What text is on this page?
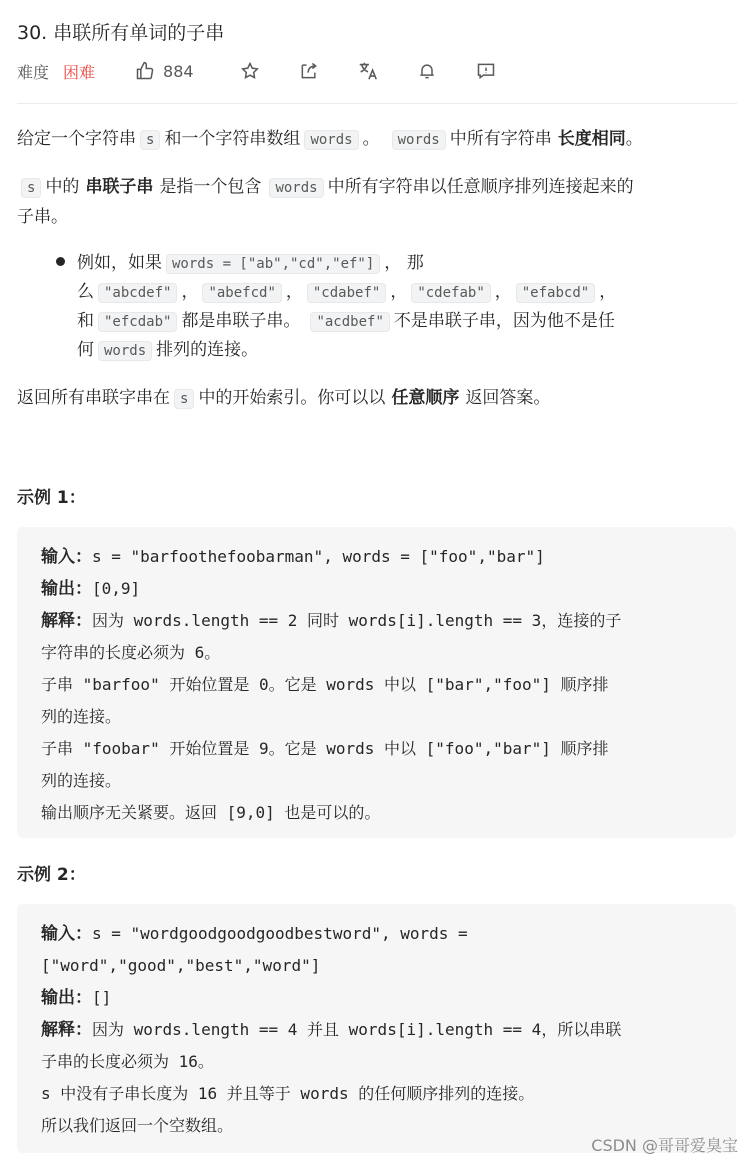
30. 串联所有单词的子串
难度 困难	884
给定一个字符串 s 和一个字符串数组 words 。 words 中所有字符串 长度相同。
s 中的 串联子串 是指一个包含 words 中所有字符串以任意顺序排列连接起来的
子串。
例如，如果 words = ["ab","cd","ef"] ， 那
么 "abcdef" ， "abefcd" ， "cdabef" ， "cdefab" ， "efabcd" ，
和 "efcdab" 都是串联子串。 "acdbef" 不是串联子串，因为他不是任
何 words 排列的连接。
返回所有串联字串在 s 中的开始索引。你可以以 任意顺序 返回答案。
示例 1：
输入：s = "barfoothefoobarman", words = ["foo","bar"]
输出：[0,9]
解释：因为 words.length == 2 同时 words[i].length == 3，连接的子
字符串的长度必须为 6。
子串 "barfoo" 开始位置是 0。它是 words 中以 ["bar","foo"] 顺序排
列的连接。
子串 "foobar" 开始位置是 9。它是 words 中以 ["foo","bar"] 顺序排
列的连接。
输出顺序无关紧要。返回 [9,0] 也是可以的。
示例 2：
输入：s = "wordgoodgoodgoodbestword", words =
["word","good","best","word"]
输出：[]
解释：因为 words.length == 4 并且 words[i].length == 4，所以串联
子串的长度必须为 16。
s 中没有子串长度为 16 并且等于 words 的任何顺序排列的连接。
所以我们返回一个空数组。
CSDN @哥哥爱臭宝
